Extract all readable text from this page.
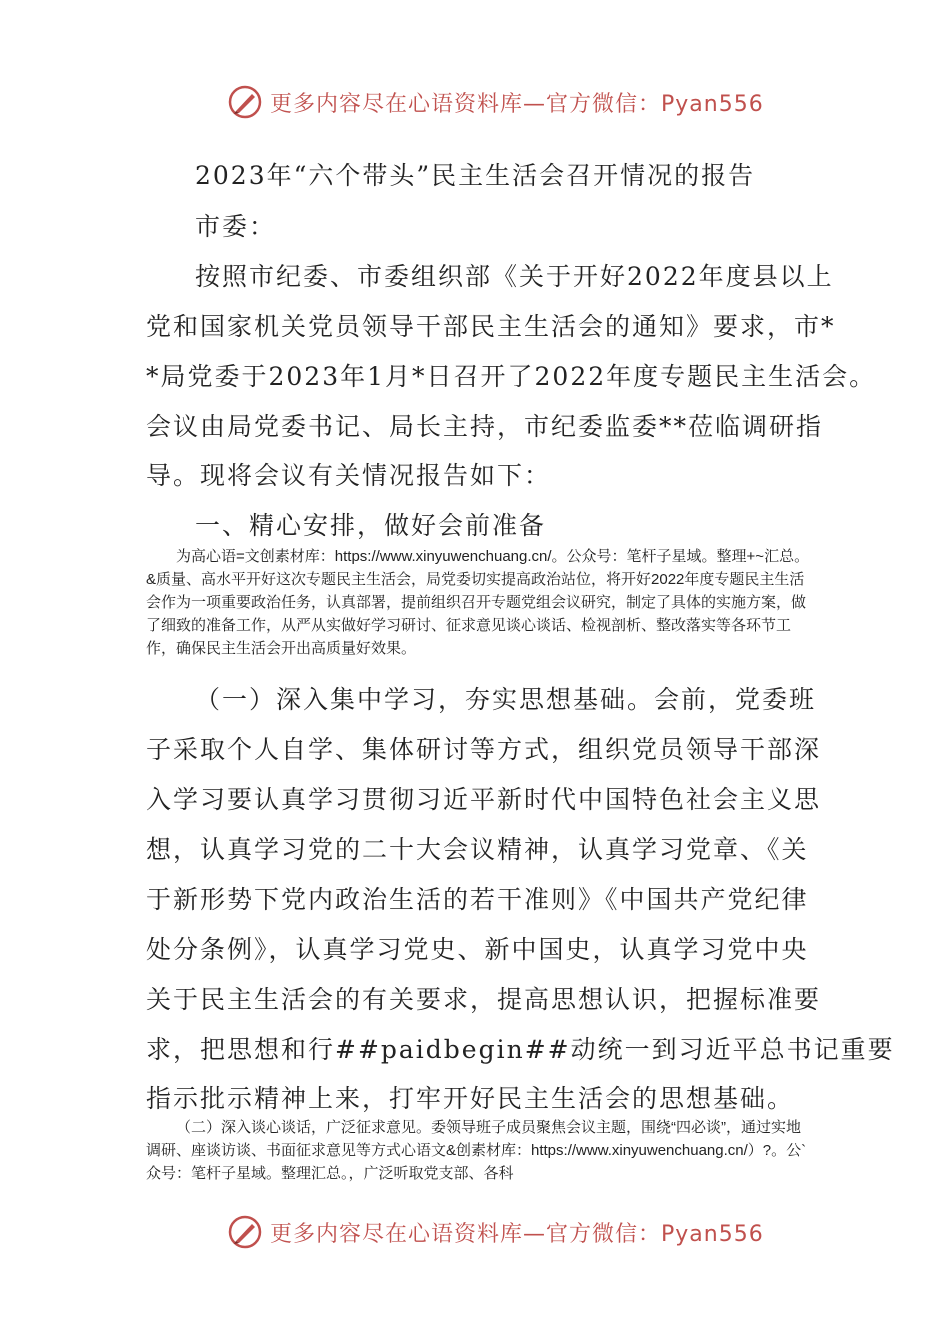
更多内容尽在心语资料库—官方微信：Pyan556
2023年“六个带头”民主生活会召开情况的报告
市委：
按照市纪委、市委组织部《关于开好2022年度县以上
党和国家机关党员领导干部民主生活会的通知》要求，市*
*局党委于2023年1月*日召开了2022年度专题民主生活会。
会议由局党委书记、局长主持，市纪委监委**莅临调研指
导。现将会议有关情况报告如下：
一、精心安排，做好会前准备

为高心语=文创素材库：https://www.xinyuwenchuang.cn/。公众号：笔杆子星域。整理+~汇总。&质量、高水平开好这次专题民主生活会，局党委切实提高政治站位，将开好2022年度专题民主生活会作为一项重要政治任务，认真部署，提前组织召开专题党组会议研究，制定了具体的实施方案，做了细致的准备工作，从严从实做好学习研讨、征求意见谈心谈话、检视剖析、整改落实等各环节工作，确保民主生活会开出高质量好效果。

（一）深入集中学习，夯实思想基础。会前，党委班
子采取个人自学、集体研讨等方式，组织党员领导干部深
入学习要认真学习贯彻习近平新时代中国特色社会主义思
想，认真学习党的二十大会议精神，认真学习党章、《关
于新形势下党内政治生活的若干准则》《中国共产党纪律
处分条例》，认真学习党史、新中国史，认真学习党中央
关于民主生活会的有关要求，提高思想认识，把握标准要
求，把思想和行##paidbegin##动统一到习近平总书记重要
指示批示精神上来，打牢开好民主生活会的思想基础。

（二）深入谈心谈话，广泛征求意见。委领导班子成员聚焦会议主题，围绕“四必谈”，通过实地调研、座谈访谈、书面征求意见等方式心语文&创素材库：https://www.xinyuwenchuang.cn/）?。公`众号：笔杆子星域。整理汇总。，广泛听取党支部、各科

更多内容尽在心语资料库—官方微信：Pyan556
